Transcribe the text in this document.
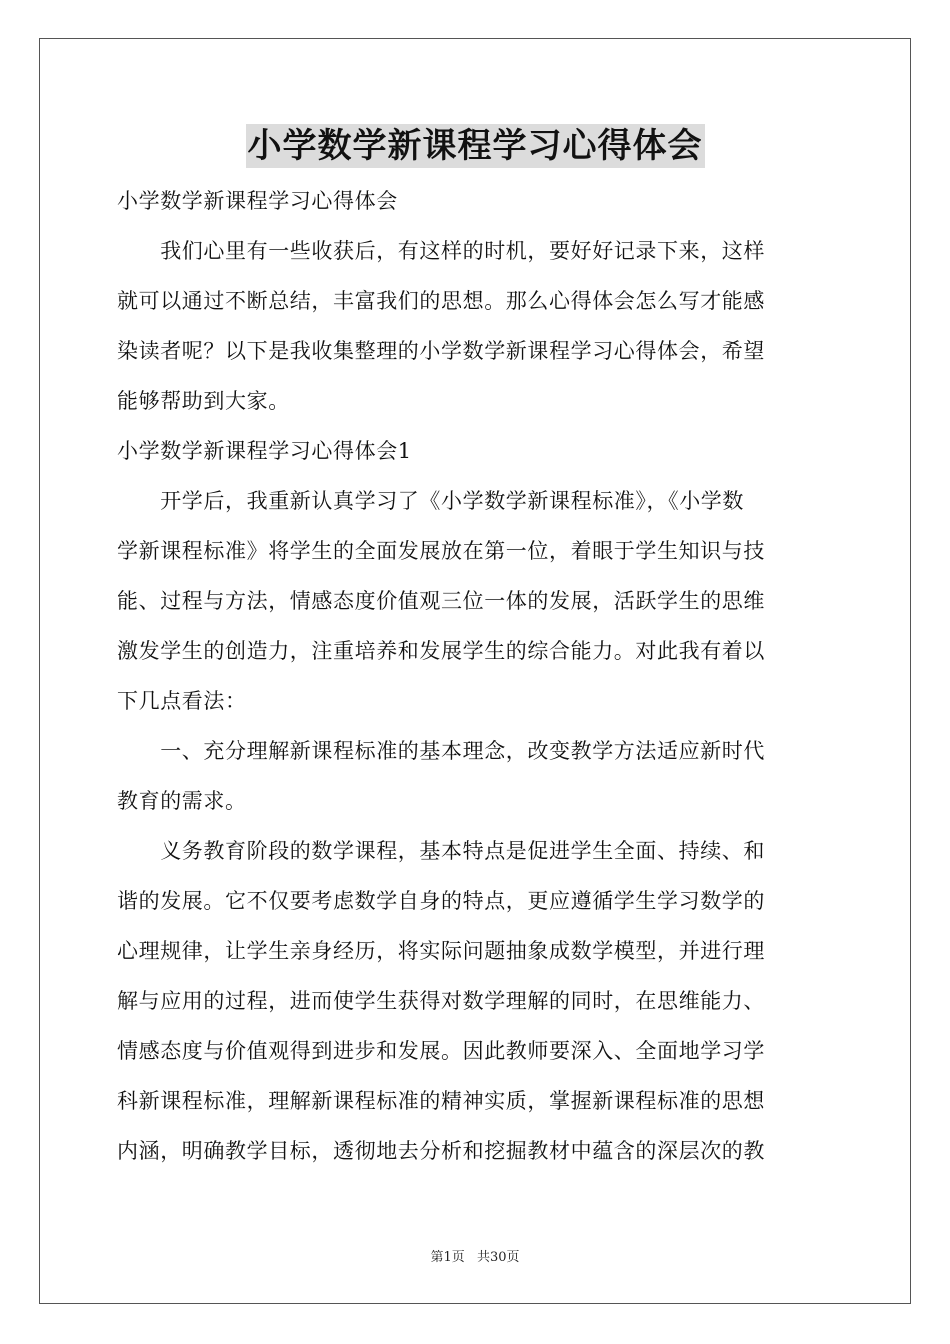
小学数学新课程学习心得体会
小学数学新课程学习心得体会
　　我们心里有一些收获后，有这样的时机，要好好记录下来，这样
就可以通过不断总结，丰富我们的思想。那么心得体会怎么写才能感
染读者呢？以下是我收集整理的小学数学新课程学习心得体会，希望
能够帮助到大家。
小学数学新课程学习心得体会1
　　开学后，我重新认真学习了《小学数学新课程标准》，《小学数
学新课程标准》将学生的全面发展放在第一位，着眼于学生知识与技
能、过程与方法，情感态度价值观三位一体的发展，活跃学生的思维
激发学生的创造力，注重培养和发展学生的综合能力。对此我有着以
下几点看法：
　　一、充分理解新课程标准的基本理念，改变教学方法适应新时代
教育的需求。
　　义务教育阶段的数学课程，基本特点是促进学生全面、持续、和
谐的发展。它不仅要考虑数学自身的特点，更应遵循学生学习数学的
心理规律，让学生亲身经历，将实际问题抽象成数学模型，并进行理
解与应用的过程，进而使学生获得对数学理解的同时，在思维能力、
情感态度与价值观得到进步和发展。因此教师要深入、全面地学习学
科新课程标准，理解新课程标准的精神实质，掌握新课程标准的思想
内涵，明确教学目标，透彻地去分析和挖掘教材中蕴含的深层次的教
第1页 共30页
